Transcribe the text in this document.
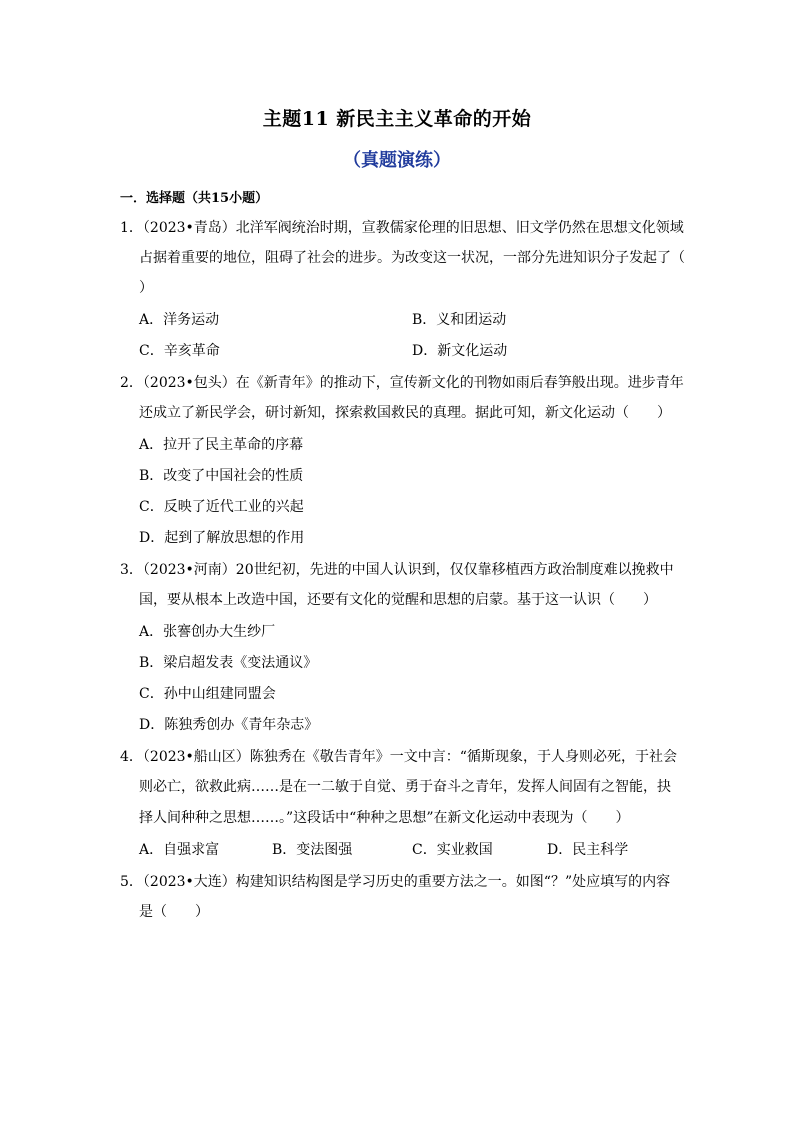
主题11 新民主主义革命的开始
（真题演练）
一．选择题（共15小题）
1．（2023•青岛）北洋军阀统治时期，宣教儒家伦理的旧思想、旧文学仍然在思想文化领域
占据着重要的地位，阻碍了社会的进步。为改变这一状况，一部分先进知识分子发起了（
）
A．洋务运动	B．义和团运动
C．辛亥革命	D．新文化运动
2．（2023•包头）在《新青年》的推动下，宣传新文化的刊物如雨后春笋般出现。进步青年
还成立了新民学会，研讨新知，探索救国救民的真理。据此可知，新文化运动（　　）
A．拉开了民主革命的序幕
B．改变了中国社会的性质
C．反映了近代工业的兴起
D．起到了解放思想的作用
3．（2023•河南）20世纪初，先进的中国人认识到，仅仅靠移植西方政治制度难以挽救中
国，要从根本上改造中国，还要有文化的觉醒和思想的启蒙。基于这一认识（　　）
A．张謇创办大生纱厂
B．梁启超发表《变法通议》
C．孙中山组建同盟会
D．陈独秀创办《青年杂志》
4．（2023•船山区）陈独秀在《敬告青年》一文中言：“循斯现象，于人身则必死，于社会
则必亡，欲救此病……是在一二敏于自觉、勇于奋斗之青年，发挥人间固有之智能，抉
择人间种种之思想……。”这段话中“种种之思想”在新文化运动中表现为（　　）
A．自强求富	B．变法图强	C．实业救国	D．民主科学
5．（2023•大连）构建知识结构图是学习历史的重要方法之一。如图“？”处应填写的内容
是（　　）
